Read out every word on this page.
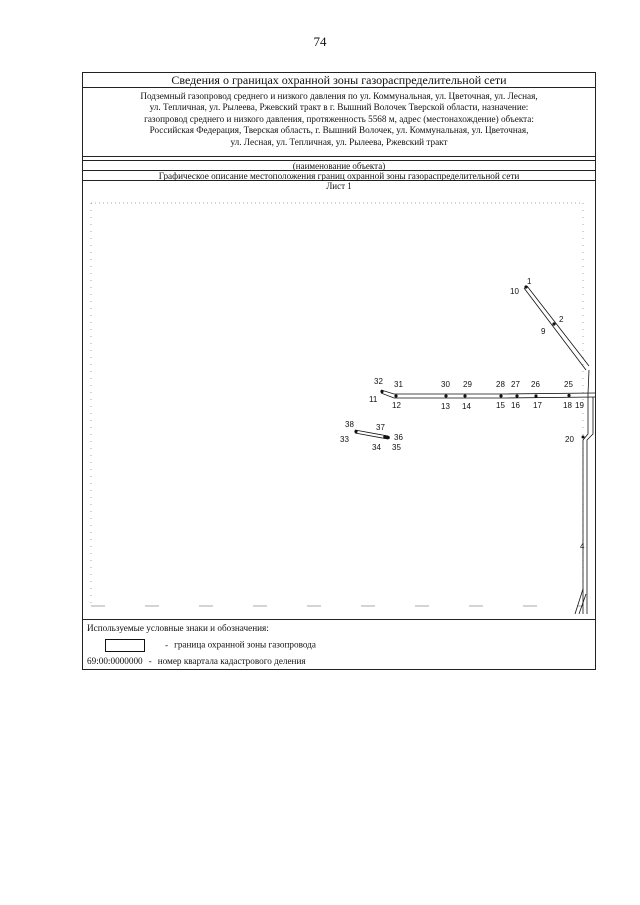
74
Сведения о границах охранной зоны газораспределительной сети
Подземный газопровод среднего и низкого давления по ул. Коммунальная, ул. Цветочная, ул. Лесная,
ул. Тепличная, ул. Рылеева, Ржевский тракт в г. Вышний Волочек Тверской области, назначение:
газопровод среднего и низкого давления, протяженность 5568 м, адрес (местонахождение) объекта:
Российская Федерация, Тверская область, г. Вышний Волочек, ул. Коммунальная, ул. Цветочная,
ул. Лесная, ул. Тепличная, ул. Рылеева, Ржевский тракт
(наименование объекта)
Графическое описание местоположения границ охранной зоны газораспределительной сети
Лист 1
1
10
2
9
32 31
11
12
30
13
29
14
28
15
27
16
26
17
25
18 19
38	37
33	36
34 35
20
4
Используемые условные знаки и обозначения:
- граница охранной зоны газопровода
69:00:0000000 - номер квартала кадастрового деления
